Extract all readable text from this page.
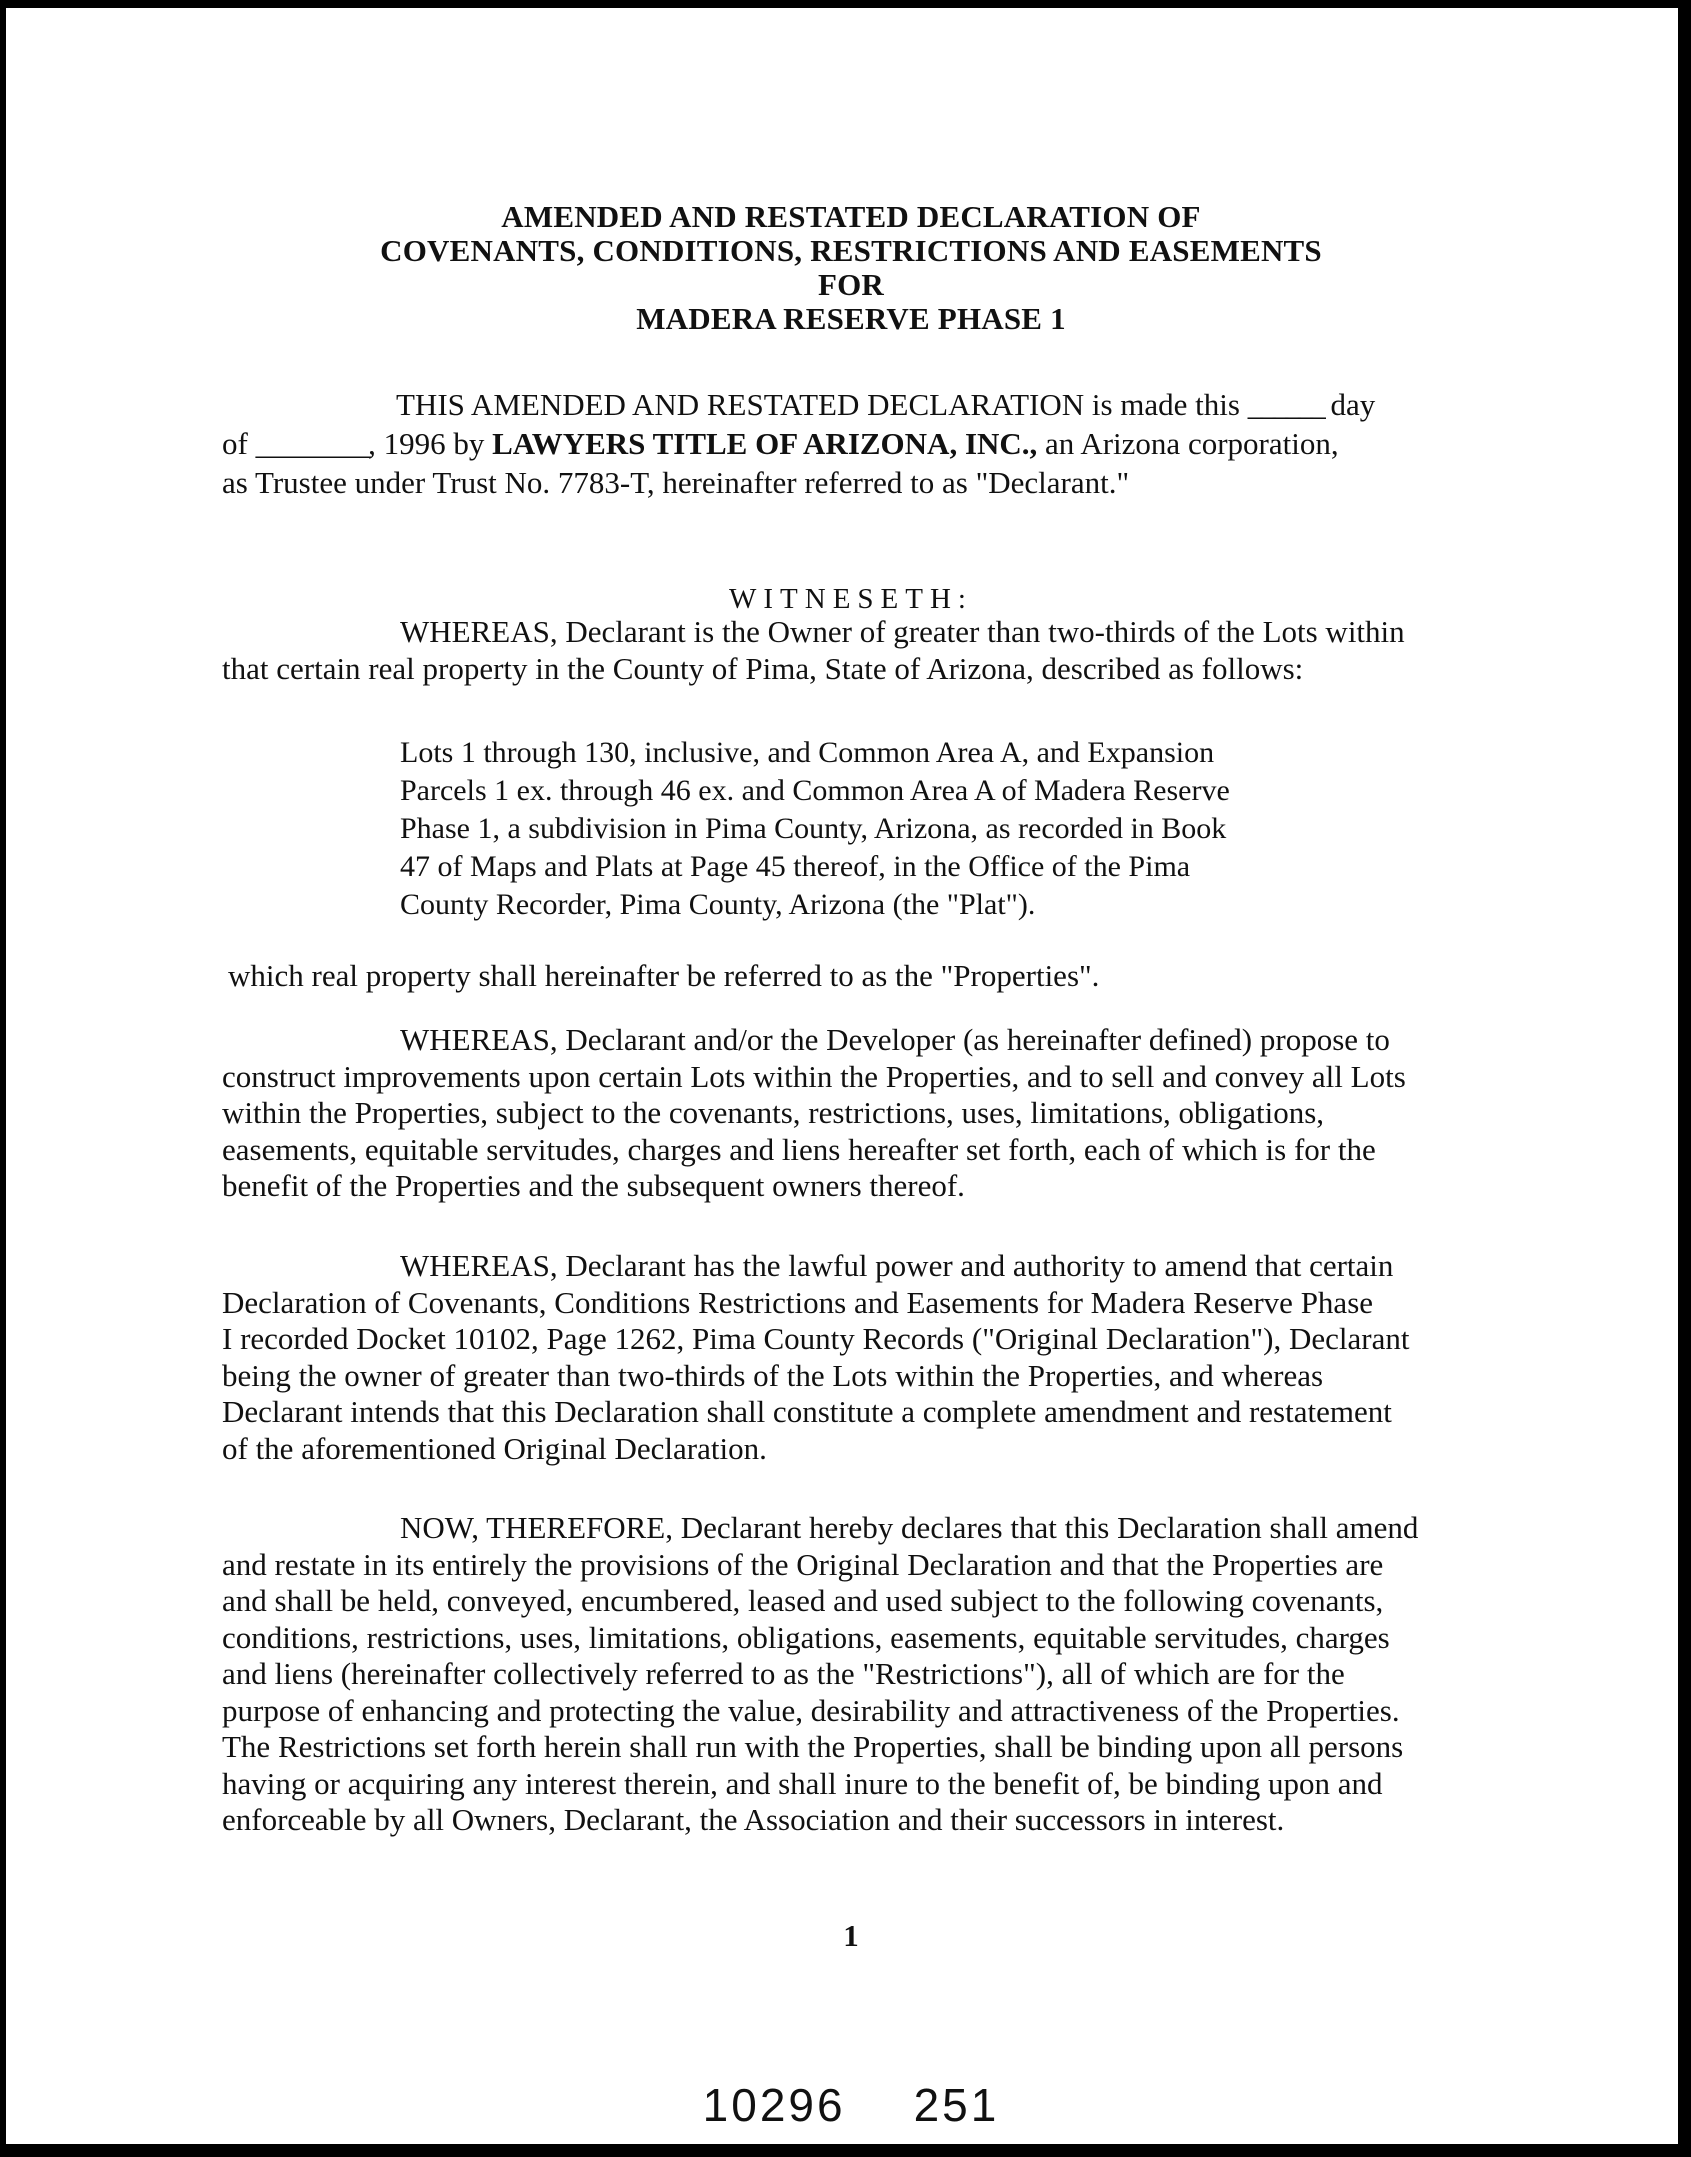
AMENDED AND RESTATED DECLARATION OF
COVENANTS, CONDITIONS, RESTRICTIONS AND EASEMENTS
FOR
MADERA RESERVE PHASE 1
THIS AMENDED AND RESTATED DECLARATION is made this ______ day
of _________, 1996 by LAWYERS TITLE OF ARIZONA, INC., an Arizona corporation,
as Trustee under Trust No. 7783-T, hereinafter referred to as "Declarant."
WITNESETH:
WHEREAS, Declarant is the Owner of greater than two-thirds of the Lots within
that certain real property in the County of Pima, State of Arizona, described as follows:
Lots 1 through 130, inclusive, and Common Area A, and Expansion
Parcels 1 ex. through 46 ex. and Common Area A of Madera Reserve
Phase 1, a subdivision in Pima County, Arizona, as recorded in Book
47 of Maps and Plats at Page 45 thereof, in the Office of the Pima
County Recorder, Pima County, Arizona (the "Plat").
which real property shall hereinafter be referred to as the "Properties".
WHEREAS, Declarant and/or the Developer (as hereinafter defined) propose to
construct improvements upon certain Lots within the Properties, and to sell and convey all Lots
within the Properties, subject to the covenants, restrictions, uses, limitations, obligations,
easements, equitable servitudes, charges and liens hereafter set forth, each of which is for the
benefit of the Properties and the subsequent owners thereof.
WHEREAS, Declarant has the lawful power and authority to amend that certain
Declaration of Covenants, Conditions Restrictions and Easements for Madera Reserve Phase
I recorded Docket 10102, Page 1262, Pima County Records ("Original Declaration"), Declarant
being the owner of greater than two-thirds of the Lots within the Properties, and whereas
Declarant intends that this Declaration shall constitute a complete amendment and restatement
of the aforementioned Original Declaration.
NOW, THEREFORE, Declarant hereby declares that this Declaration shall amend
and restate in its entirely the provisions of the Original Declaration and that the Properties are
and shall be held, conveyed, encumbered, leased and used subject to the following covenants,
conditions, restrictions, uses, limitations, obligations, easements, equitable servitudes, charges
and liens (hereinafter collectively referred to as the "Restrictions"), all of which are for the
purpose of enhancing and protecting the value, desirability and attractiveness of the Properties.
The Restrictions set forth herein shall run with the Properties, shall be binding upon all persons
having or acquiring any interest therein, and shall inure to the benefit of, be binding upon and
enforceable by all Owners, Declarant, the Association and their successors in interest.
1
10296 251
